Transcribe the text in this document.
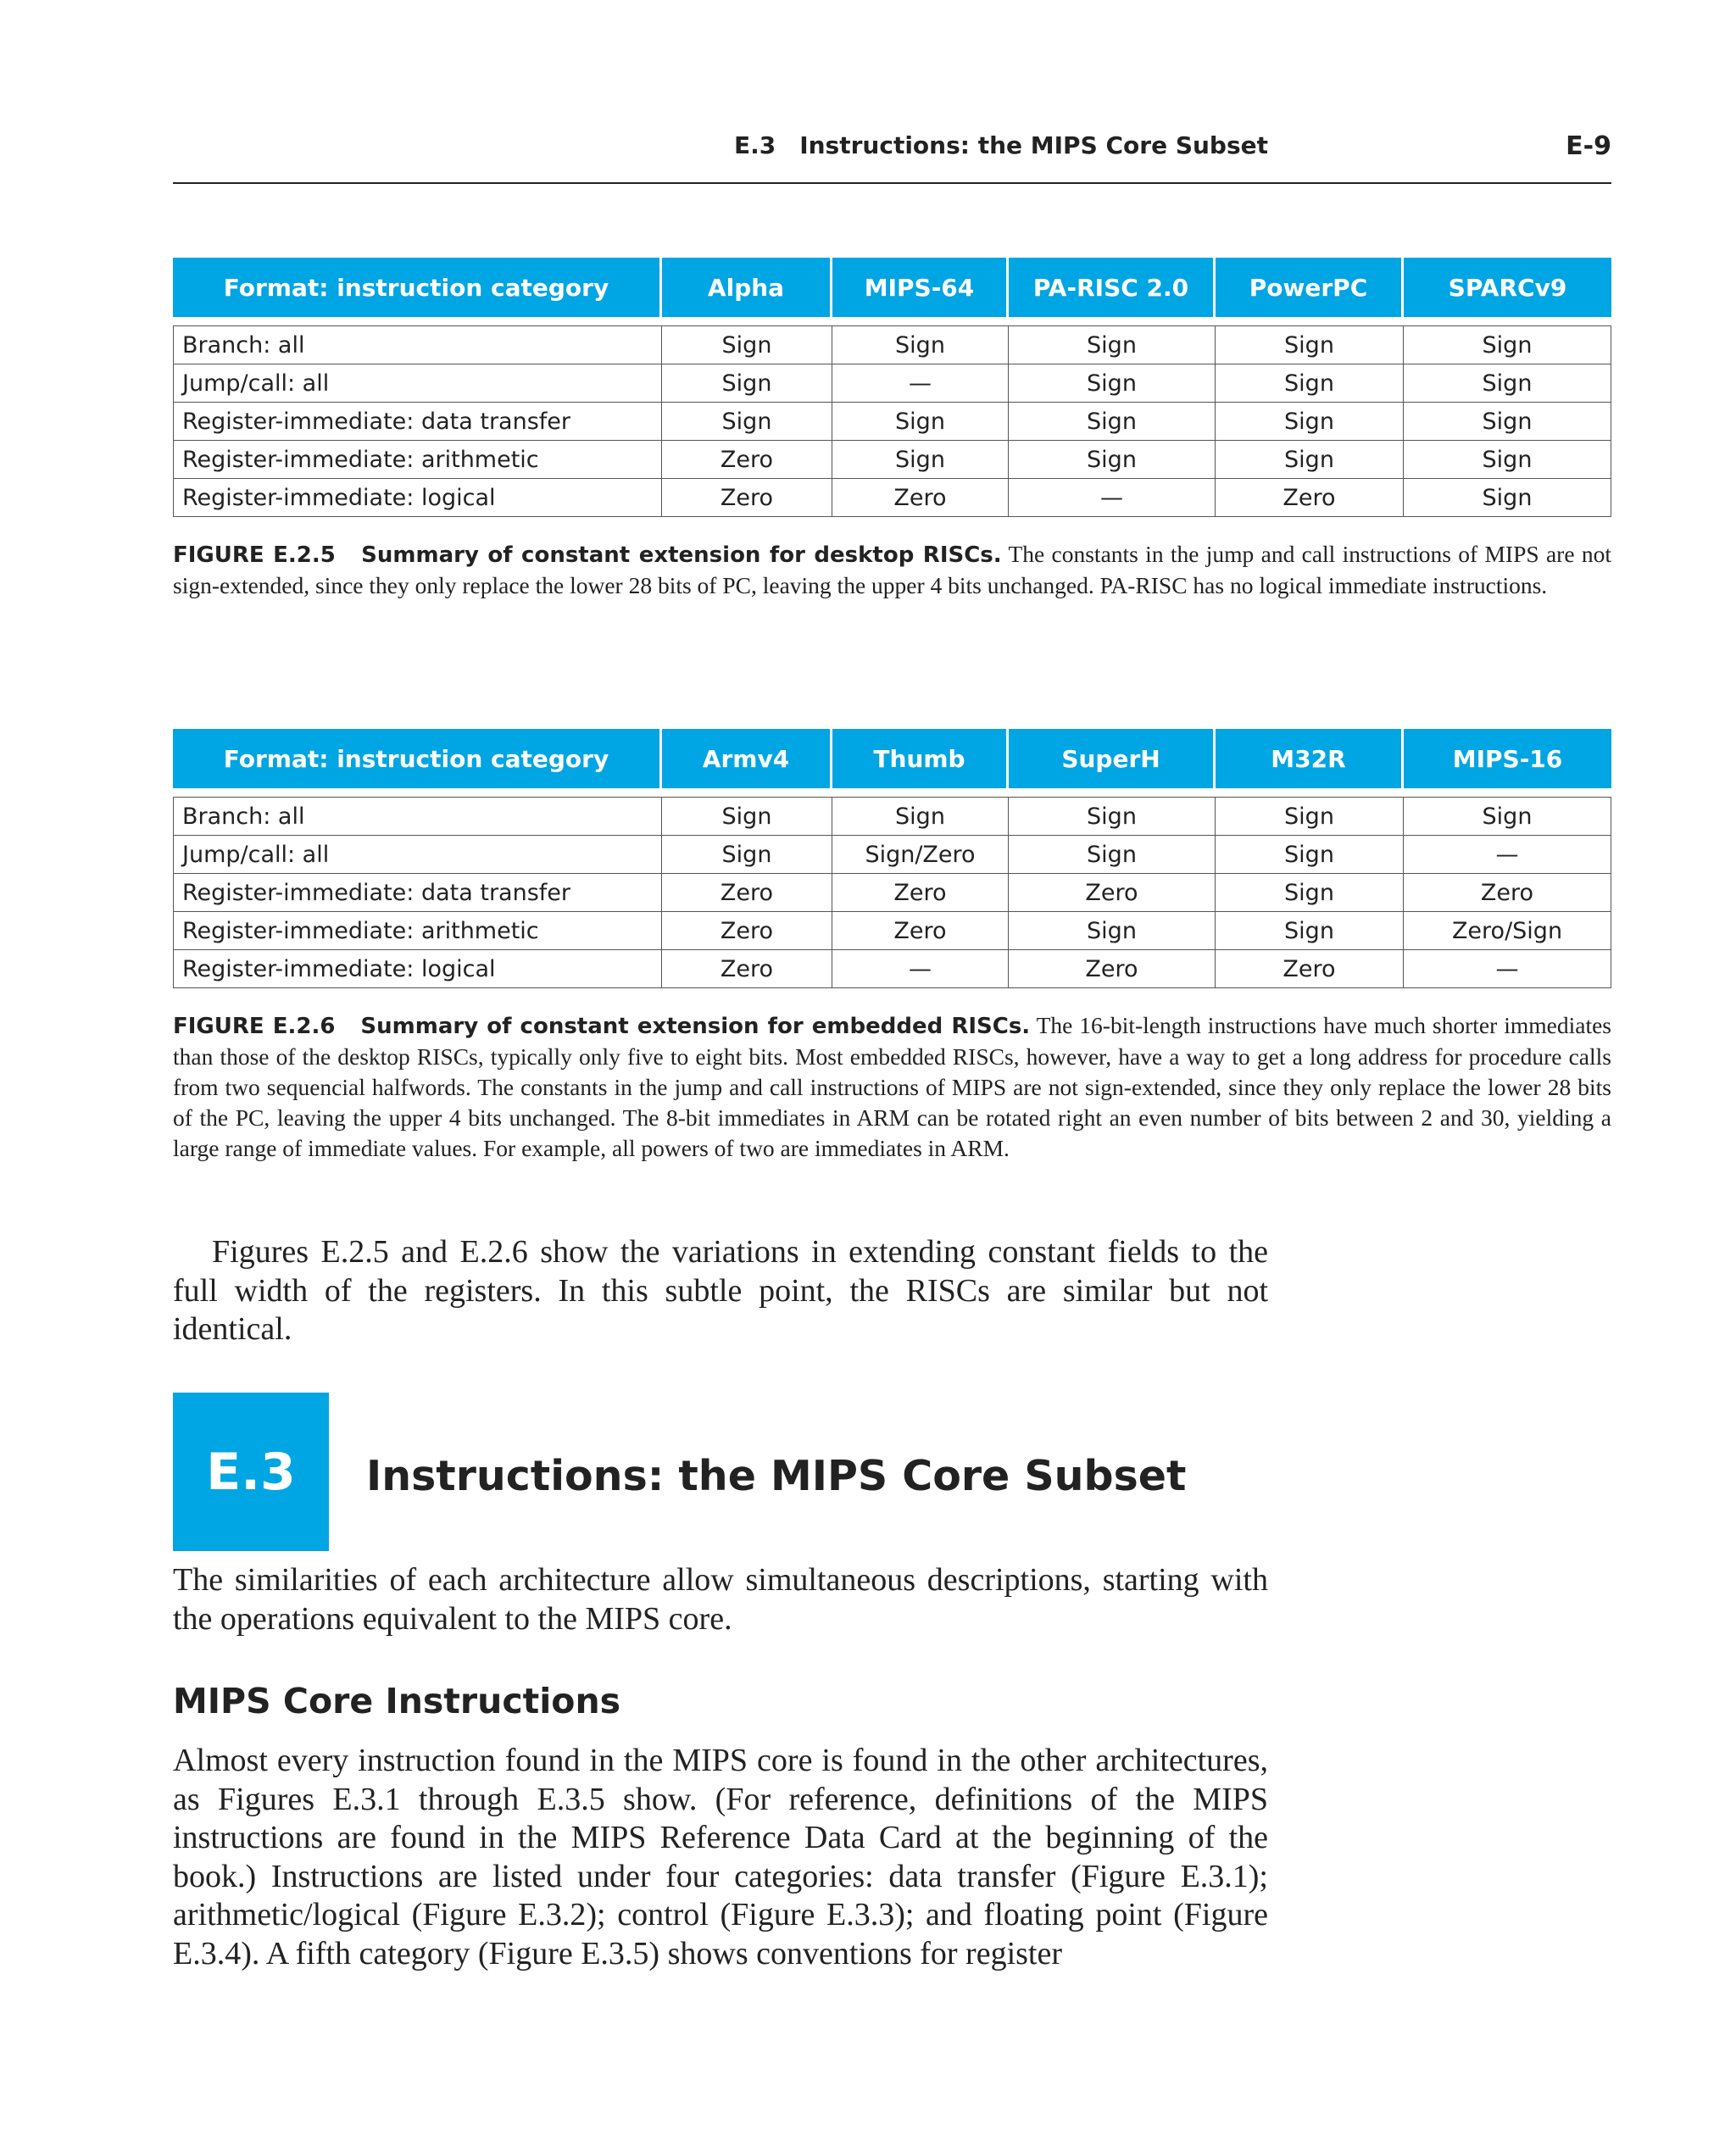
E.3 Instructions: the MIPS Core Subset	E-9
Format: instruction category	Alpha	MIPS-64	PA-RISC 2.0	PowerPC	SPARCv9

Branch: all	Sign	Sign	Sign	Sign	Sign
Jump/call: all	Sign	—	Sign	Sign	Sign
Register-immediate: data transfer	Sign	Sign	Sign	Sign	Sign
Register-immediate: arithmetic	Zero	Sign	Sign	Sign	Sign
Register-immediate: logical	Zero	Zero	—	Zero	Sign
FIGURE E.2.5 Summary of constant extension for desktop RISCs. The constants in the jump and call instructions of MIPS are not sign-extended, since they only replace the lower 28 bits of PC, leaving the upper 4 bits unchanged. PA-RISC has no logical immediate instructions.
Format: instruction category	Armv4	Thumb	SuperH	M32R	MIPS-16

Branch: all	Sign	Sign	Sign	Sign	Sign
Jump/call: all	Sign	Sign/Zero	Sign	Sign	—
Register-immediate: data transfer	Zero	Zero	Zero	Sign	Zero
Register-immediate: arithmetic	Zero	Zero	Sign	Sign	Zero/Sign
Register-immediate: logical	Zero	—	Zero	Zero	—
FIGURE E.2.6 Summary of constant extension for embedded RISCs. The 16-bit-length instructions have much shorter immediates than those of the desktop RISCs, typically only five to eight bits. Most embedded RISCs, however, have a way to get a long address for procedure calls from two sequencial halfwords. The constants in the jump and call instructions of MIPS are not sign-extended, since they only replace the lower 28 bits of the PC, leaving the upper 4 bits unchanged. The 8-bit immediates in ARM can be rotated right an even number of bits between 2 and 30, yielding a large range of immediate values. For example, all powers of two are immediates in ARM.

Figures E.2.5 and E.2.6 show the variations in extending constant fields to the full width of the registers. In this subtle point, the RISCs are similar but not identical.

E.3	Instructions: the MIPS Core Subset

The similarities of each architecture allow simultaneous descriptions, starting with the operations equivalent to the MIPS core.

MIPS Core Instructions

Almost every instruction found in the MIPS core is found in the other architectures, as Figures E.3.1 through E.3.5 show. (For reference, definitions of the MIPS instructions are found in the MIPS Reference Data Card at the beginning of the book.) Instructions are listed under four categories: data transfer (Figure E.3.1); arithmetic/logical (Figure E.3.2); control (Figure E.3.3); and floating point (Figure E.3.4). A fifth category (Figure E.3.5) shows conventions for register
